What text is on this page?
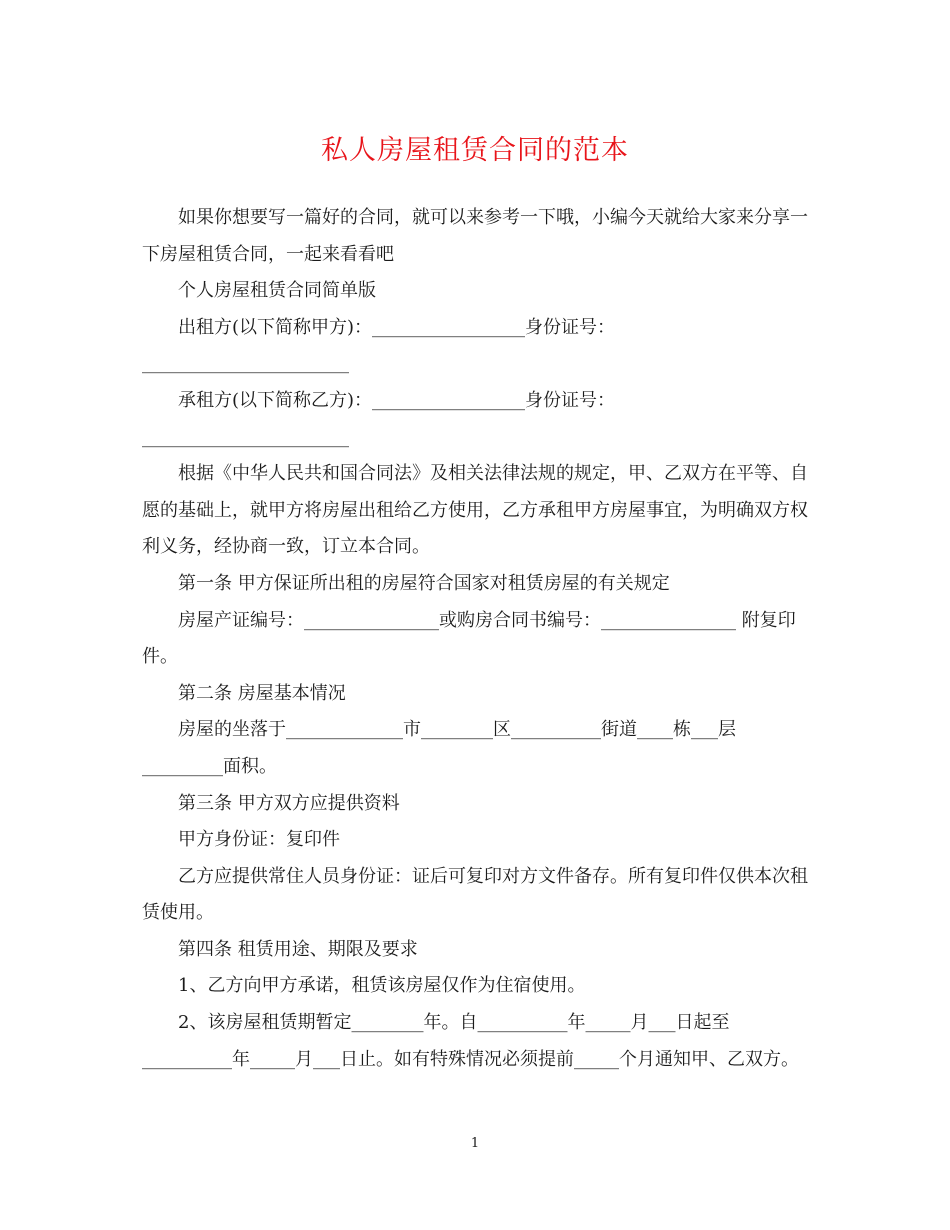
私人房屋租赁合同的范本

如果你想要写一篇好的合同，就可以来参考一下哦，小编今天就给大家来分享一下房屋租赁合同，一起来看看吧

个人房屋租赁合同简单版

出租方(以下简称甲方)：_________________身份证号：

_______________________

承租方(以下简称乙方)：_________________身份证号：

_______________________

根据《中华人民共和国合同法》及相关法律法规的规定，甲、乙双方在平等、自愿的基础上，就甲方将房屋出租给乙方使用，乙方承租甲方房屋事宜，为明确双方权利义务，经协商一致，订立本合同。

第一条 甲方保证所出租的房屋符合国家对租赁房屋的有关规定

房屋产证编号：_______________或购房合同书编号：_______________ 附复印件。

第二条 房屋基本情况

房屋的坐落于_____________市________区__________街道____栋___层

_________面积。

第三条 甲方双方应提供资料

甲方身份证：复印件

乙方应提供常住人员身份证：证后可复印对方文件备存。所有复印件仅供本次租赁使用。

第四条 租赁用途、期限及要求

1、乙方向甲方承诺，租赁该房屋仅作为住宿使用。

2、该房屋租赁期暂定________年。自__________年_____月___日起至

__________年_____月___日止。如有特殊情况必须提前_____个月通知甲、乙双方。

1
